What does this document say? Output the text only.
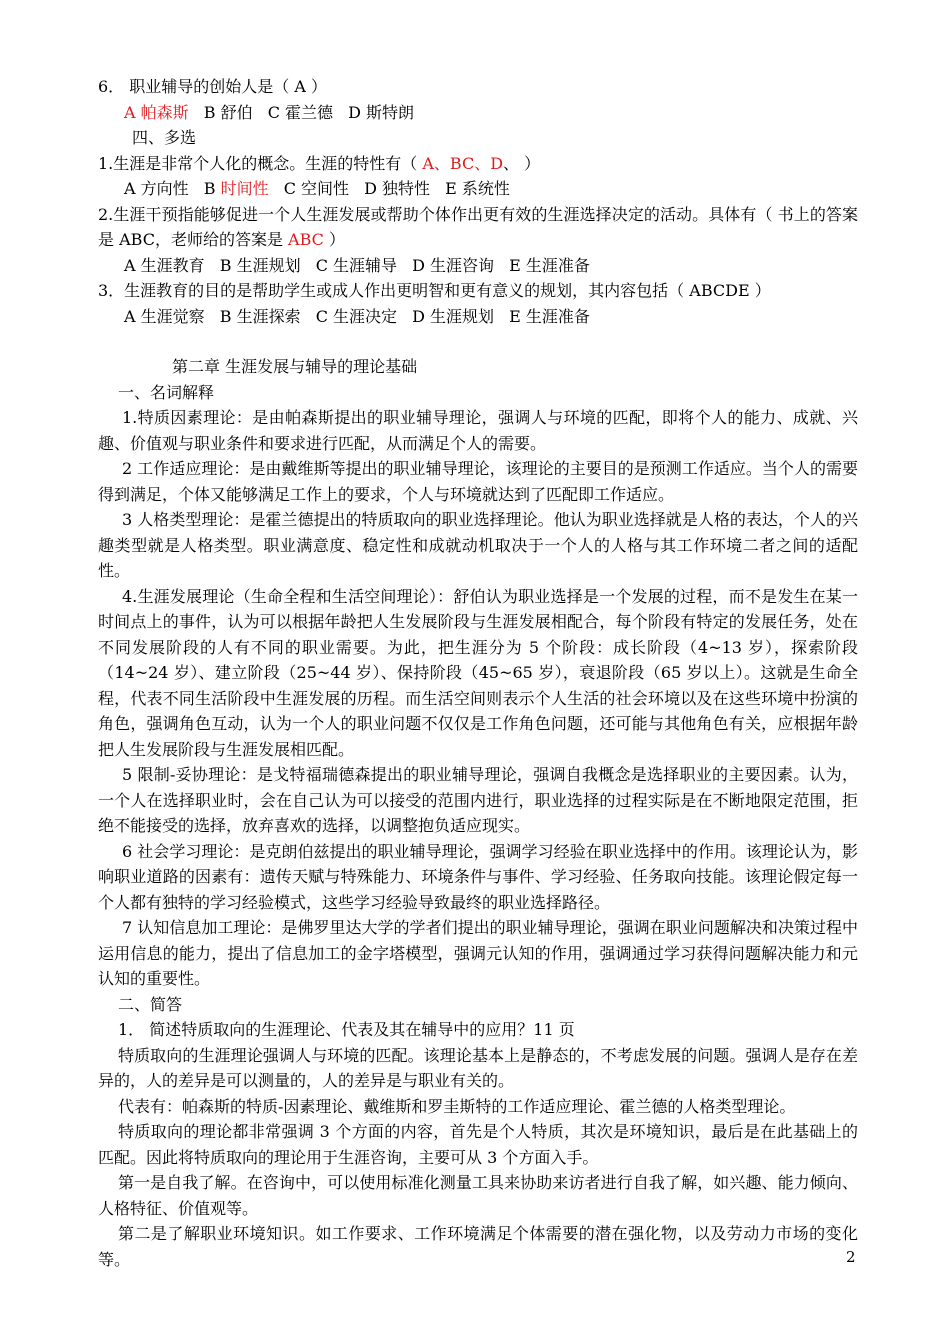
6． 职业辅导的创始人是（ A ）
A 帕森斯 B 舒伯 C 霍兰德 D 斯特朗
四、多选
1.生涯是非常个人化的概念。生涯的特性有（ A、BC、D、 ）
A 方向性 B 时间性 C 空间性 D 独特性 E 系统性
2.生涯干预指能够促进一个人生涯发展或帮助个体作出更有效的生涯选择决定的活动。具体有（ 书上的答案是 ABC，老师给的答案是 ABC ）
A 生涯教育 B 生涯规划 C 生涯辅导 D 生涯咨询 E 生涯准备
3．生涯教育的目的是帮助学生或成人作出更明智和更有意义的规划，其内容包括（ ABCDE ）
A 生涯觉察 B 生涯探索 C 生涯决定 D 生涯规划 E 生涯准备
第二章 生涯发展与辅导的理论基础
一、名词解释
1.特质因素理论：是由帕森斯提出的职业辅导理论，强调人与环境的匹配，即将个人的能力、成就、兴趣、价值观与职业条件和要求进行匹配，从而满足个人的需要。
2 工作适应理论：是由戴维斯等提出的职业辅导理论，该理论的主要目的是预测工作适应。当个人的需要得到满足，个体又能够满足工作上的要求，个人与环境就达到了匹配即工作适应。
3 人格类型理论：是霍兰德提出的特质取向的职业选择理论。他认为职业选择就是人格的表达，个人的兴趣类型就是人格类型。职业满意度、稳定性和成就动机取决于一个人的人格与其工作环境二者之间的适配性。
4.生涯发展理论（生命全程和生活空间理论）：舒伯认为职业选择是一个发展的过程，而不是发生在某一时间点上的事件，认为可以根据年龄把人生发展阶段与生涯发展相配合，每个阶段有特定的发展任务，处在不同发展阶段的人有不同的职业需要。为此，把生涯分为 5 个阶段：成长阶段（4~13 岁），探索阶段（14~24 岁）、建立阶段（25~44 岁）、保持阶段（45~65 岁），衰退阶段（65 岁以上）。这就是生命全程，代表不同生活阶段中生涯发展的历程。而生活空间则表示个人生活的社会环境以及在这些环境中扮演的角色，强调角色互动，认为一个人的职业问题不仅仅是工作角色问题，还可能与其他角色有关，应根据年龄把人生发展阶段与生涯发展相匹配。
5 限制-妥协理论：是戈特福瑞德森提出的职业辅导理论，强调自我概念是选择职业的主要因素。认为，一个人在选择职业时，会在自己认为可以接受的范围内进行，职业选择的过程实际是在不断地限定范围，拒绝不能接受的选择，放弃喜欢的选择，以调整抱负适应现实。
6 社会学习理论：是克朗伯兹提出的职业辅导理论，强调学习经验在职业选择中的作用。该理论认为，影响职业道路的因素有：遗传天赋与特殊能力、环境条件与事件、学习经验、任务取向技能。该理论假定每一个人都有独特的学习经验模式，这些学习经验导致最终的职业选择路径。
7 认知信息加工理论：是佛罗里达大学的学者们提出的职业辅导理论，强调在职业问题解决和决策过程中运用信息的能力，提出了信息加工的金字塔模型，强调元认知的作用，强调通过学习获得问题解决能力和元认知的重要性。
二、简答
1． 简述特质取向的生涯理论、代表及其在辅导中的应用？11 页
特质取向的生涯理论强调人与环境的匹配。该理论基本上是静态的，不考虑发展的问题。强调人是存在差异的，人的差异是可以测量的，人的差异是与职业有关的。
代表有：帕森斯的特质-因素理论、戴维斯和罗圭斯特的工作适应理论、霍兰德的人格类型理论。
特质取向的理论都非常强调 3 个方面的内容，首先是个人特质，其次是环境知识，最后是在此基础上的匹配。因此将特质取向的理论用于生涯咨询，主要可从 3 个方面入手。
第一是自我了解。在咨询中，可以使用标准化测量工具来协助来访者进行自我了解，如兴趣、能力倾向、人格特征、价值观等。
第二是了解职业环境知识。如工作要求、工作环境满足个体需要的潜在强化物，以及劳动力市场的变化等。	2
